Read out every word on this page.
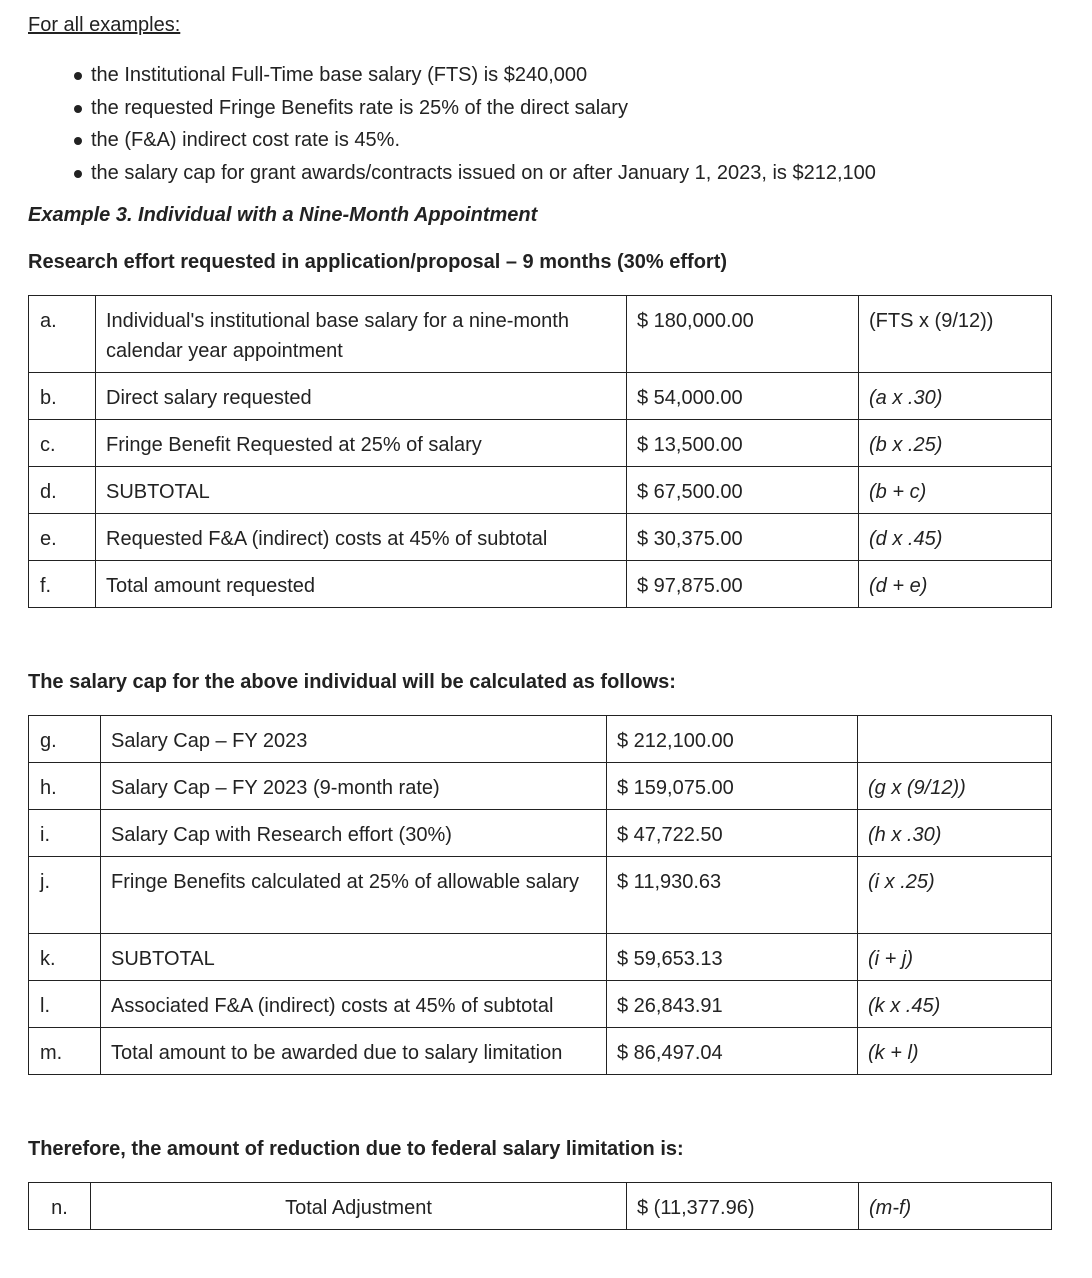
For all examples:
the Institutional Full-Time base salary (FTS) is $240,000
the requested Fringe Benefits rate is 25% of the direct salary
the (F&A) indirect cost rate is 45%.
the salary cap for grant awards/contracts issued on or after January 1, 2023, is $212,100
Example 3. Individual with a Nine-Month Appointment
Research effort requested in application/proposal – 9 months (30% effort)
a.	Individual's institutional base salary for a nine-month calendar year appointment	$ 180,000.00	(FTS x (9/12))
b.	Direct salary requested	$ 54,000.00	(a x .30)
c.	Fringe Benefit Requested at 25% of salary	$ 13,500.00	(b x .25)
d.	SUBTOTAL	$ 67,500.00	(b + c)
e.	Requested F&A (indirect) costs at 45% of subtotal	$ 30,375.00	(d x .45)
f.	Total amount requested	$ 97,875.00	(d + e)
The salary cap for the above individual will be calculated as follows:
g.	Salary Cap – FY 2023	$ 212,100.00	
h.	Salary Cap – FY 2023 (9-month rate)	$ 159,075.00	(g x (9/12))
i.	Salary Cap with Research effort (30%)	$ 47,722.50	(h x .30)
j.	Fringe Benefits calculated at 25% of allowable salary	$ 11,930.63	(i x .25)
k.	SUBTOTAL	$ 59,653.13	(i + j)
l.	Associated F&A (indirect) costs at 45% of subtotal	$ 26,843.91	(k x .45)
m.	Total amount to be awarded due to salary limitation	$ 86,497.04	(k + l)
Therefore, the amount of reduction due to federal salary limitation is:
n.	Total Adjustment	$ (11,377.96)	(m-f)
